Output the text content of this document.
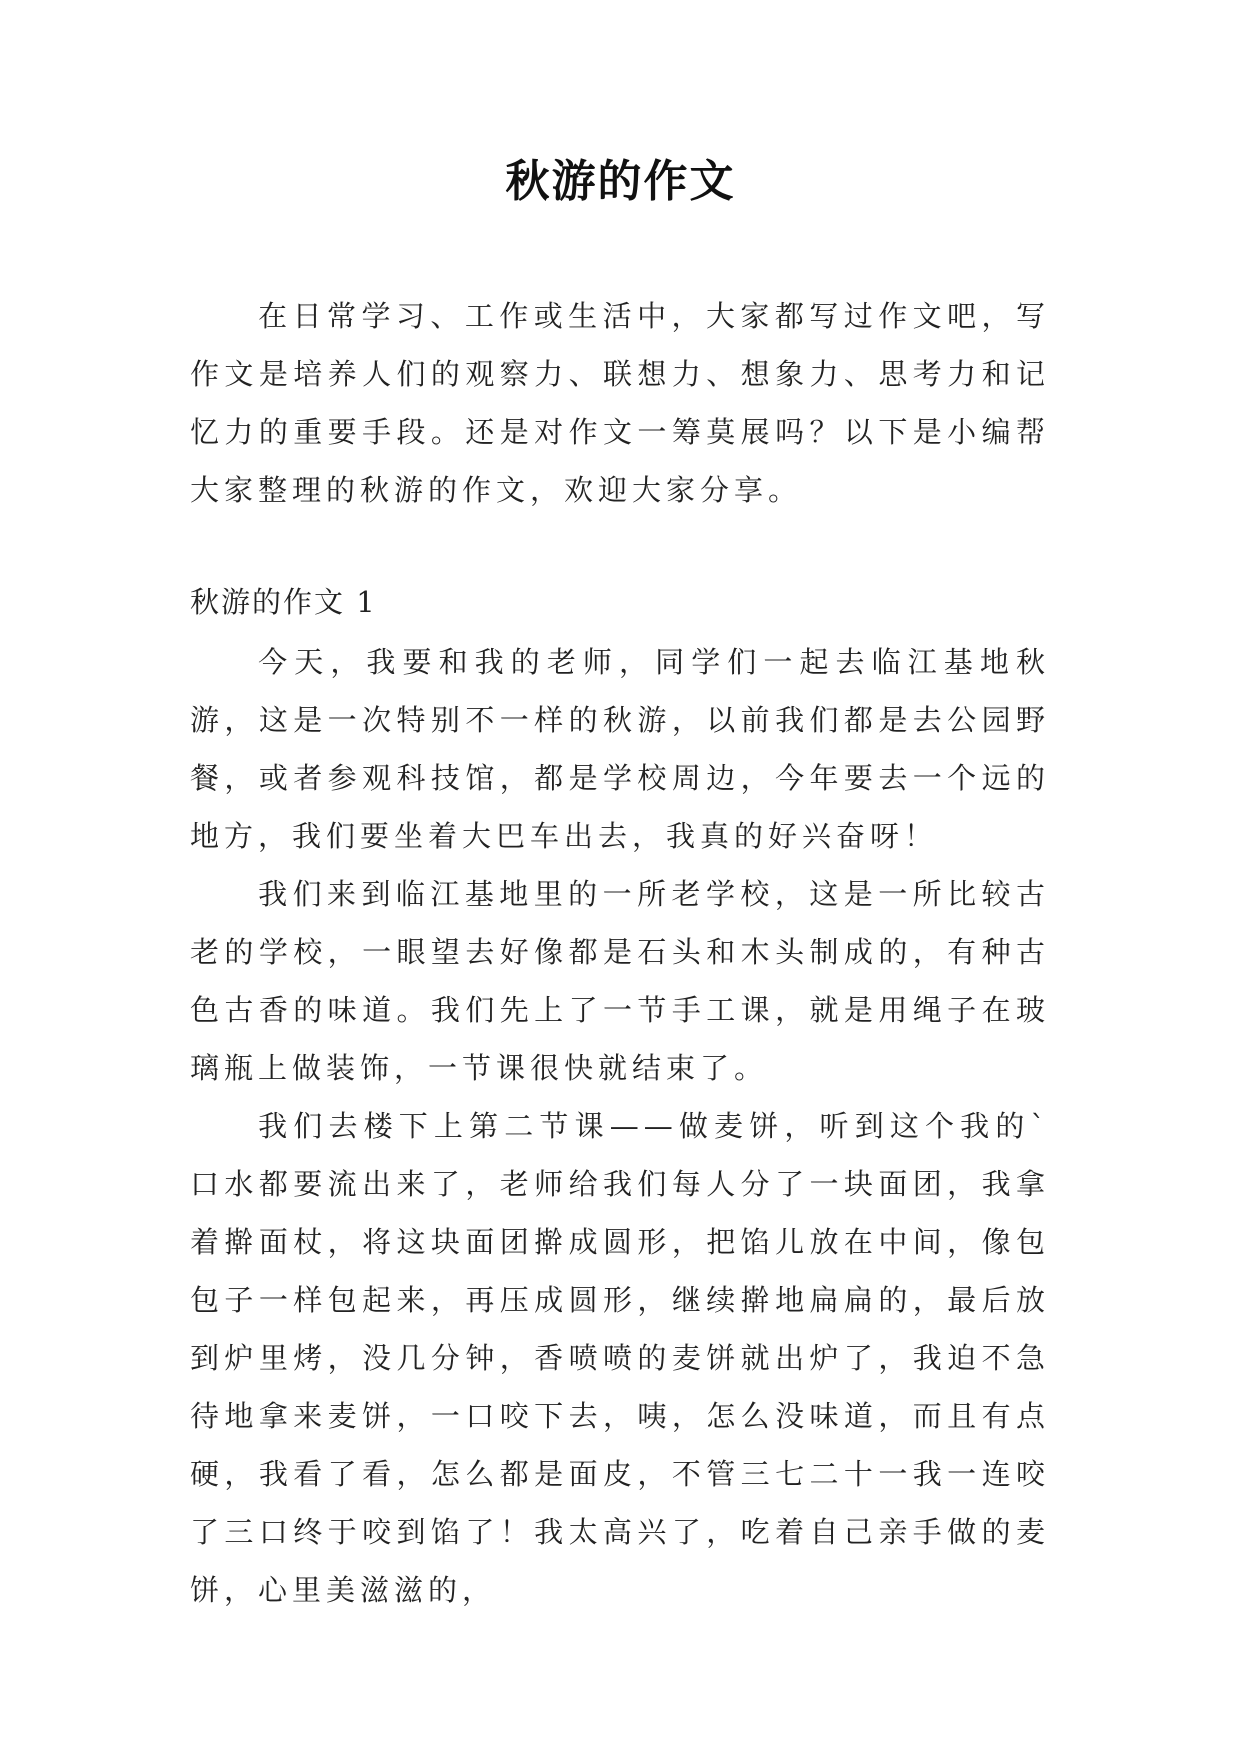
秋游的作文

在日常学习、工作或生活中，大家都写过作文吧，写作文是培养人们的观察力、联想力、想象力、思考力和记忆力的重要手段。还是对作文一筹莫展吗？以下是小编帮大家整理的秋游的作文，欢迎大家分享。

秋游的作文 1

今天，我要和我的老师，同学们一起去临江基地秋游，这是一次特别不一样的秋游，以前我们都是去公园野餐，或者参观科技馆，都是学校周边，今年要去一个远的地方，我们要坐着大巴车出去，我真的好兴奋呀！

我们来到临江基地里的一所老学校，这是一所比较古老的学校，一眼望去好像都是石头和木头制成的，有种古色古香的味道。我们先上了一节手工课，就是用绳子在玻璃瓶上做装饰，一节课很快就结束了。

我们去楼下上第二节课——做麦饼，听到这个我的`口水都要流出来了，老师给我们每人分了一块面团，我拿着擀面杖，将这块面团擀成圆形，把馅儿放在中间，像包包子一样包起来，再压成圆形，继续擀地扁扁的，最后放到炉里烤，没几分钟，香喷喷的麦饼就出炉了，我迫不急待地拿来麦饼，一口咬下去，咦，怎么没味道，而且有点硬，我看了看，怎么都是面皮，不管三七二十一我一连咬了三口终于咬到馅了！我太高兴了，吃着自己亲手做的麦饼，心里美滋滋的，
